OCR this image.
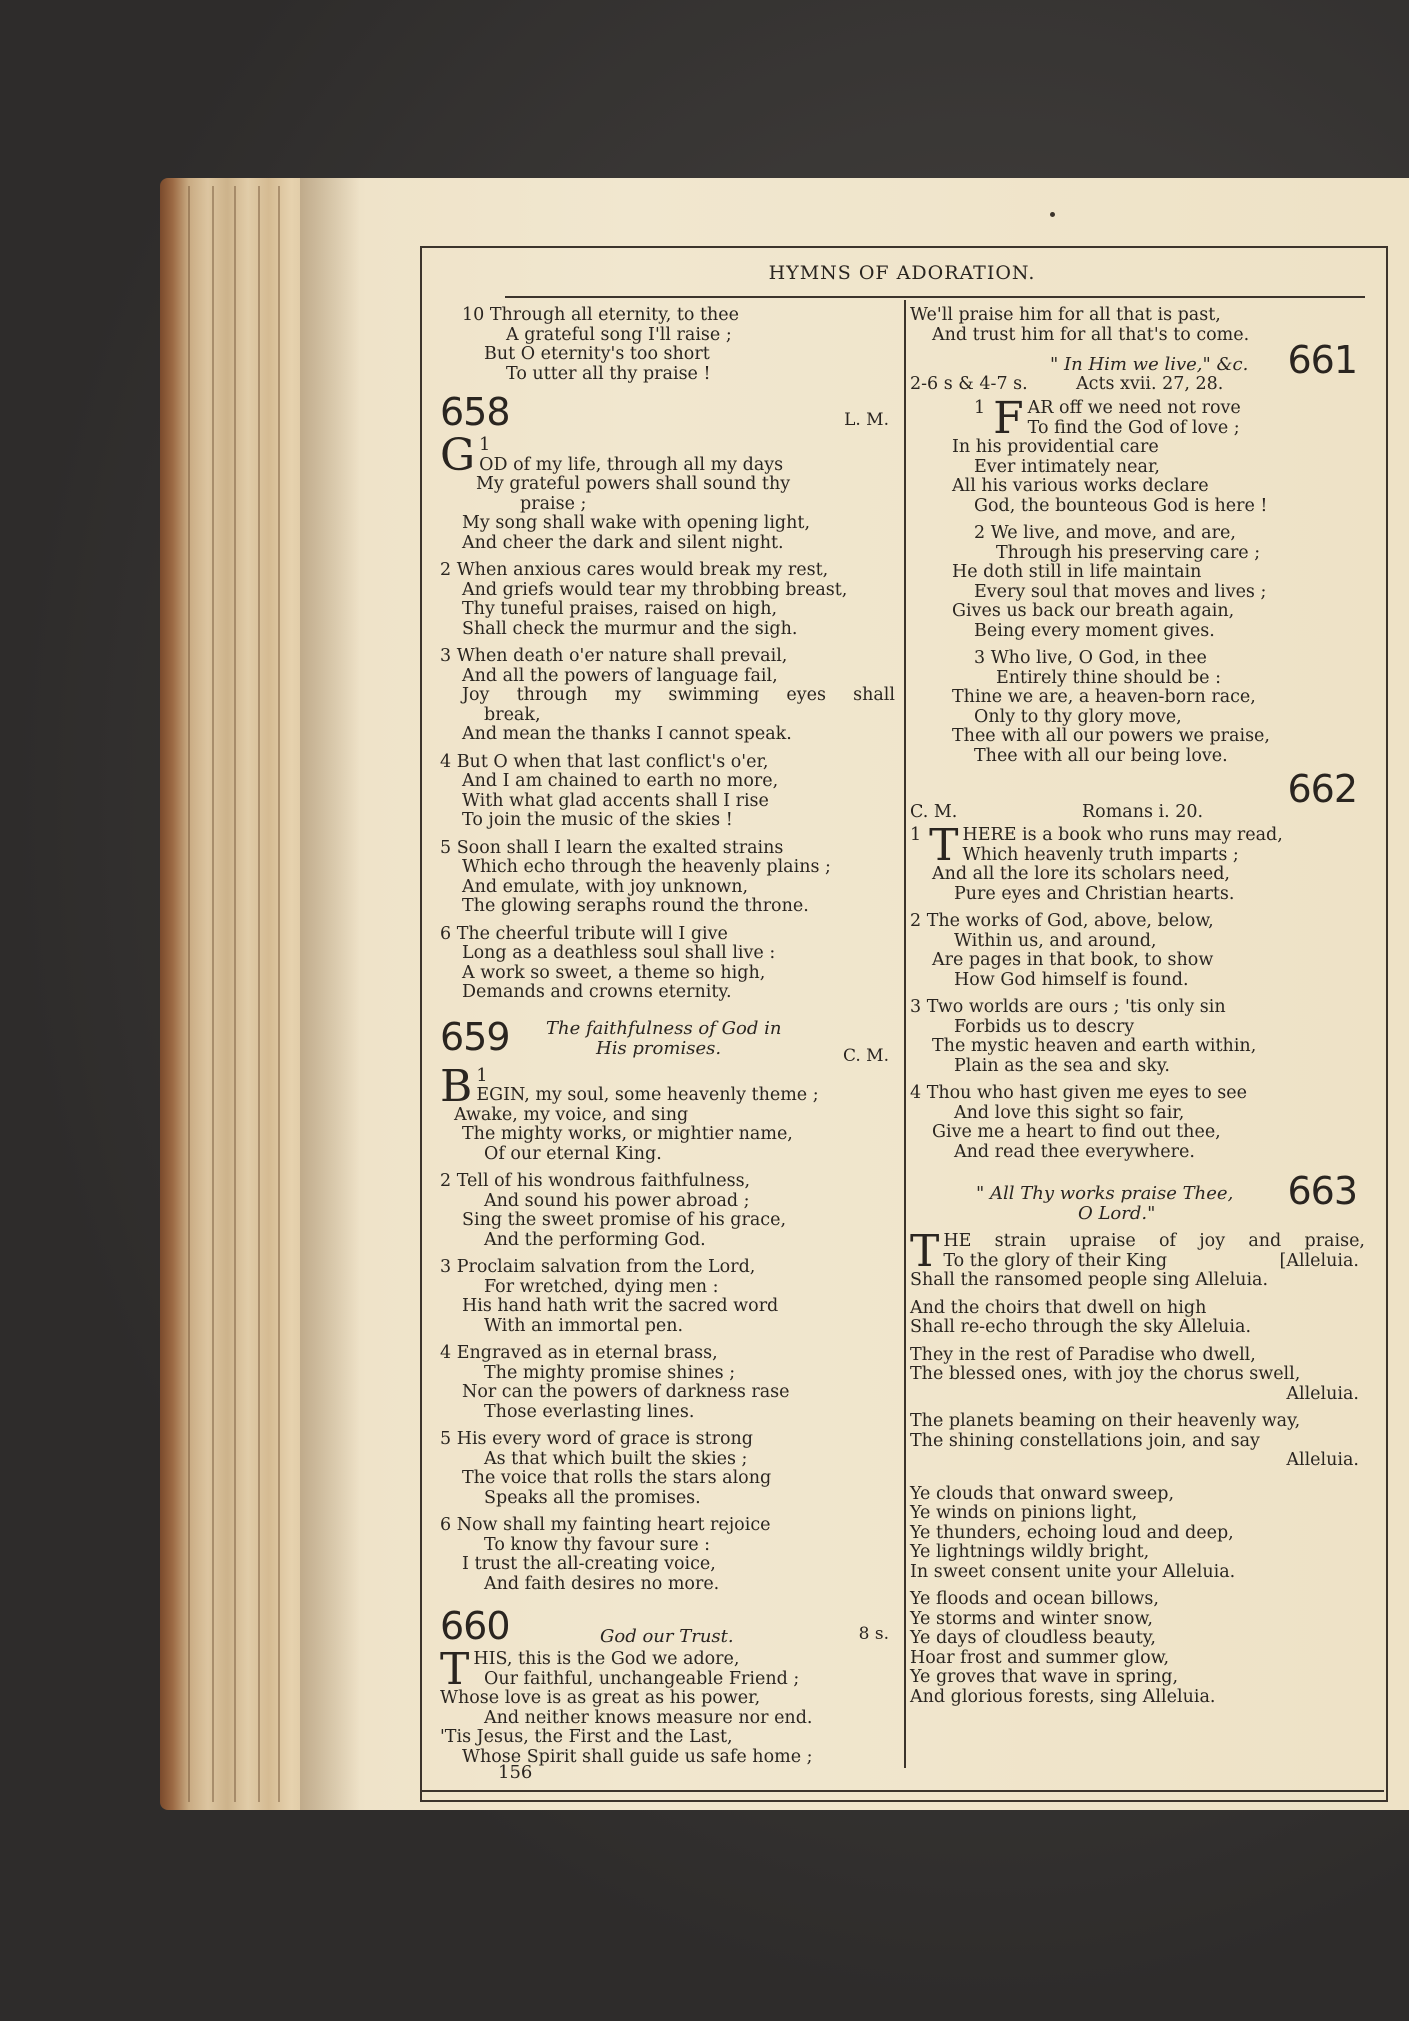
HYMNS OF ADORATION.
10 Through all eternity, to thee
A grateful song I'll raise ;
But O eternity's too short
To utter all thy praise !
658	L. M.
1
G OD of my life, through all my days
My grateful powers shall sound thy
praise ;
My song shall wake with opening light,
And cheer the dark and silent night.
2 When anxious cares would break my rest,
And griefs would tear my throbbing breast,
Thy tuneful praises, raised on high,
Shall check the murmur and the sigh.
3 When death o'er nature shall prevail,
And all the powers of language fail,
Joy through my swimming eyes shall
break,
And mean the thanks I cannot speak.
4 But O when that last conflict's o'er,
And I am chained to earth no more,
With what glad accents shall I rise
To join the music of the skies !
5 Soon shall I learn the exalted strains
Which echo through the heavenly plains ;
And emulate, with joy unknown,
The glowing seraphs round the throne.
6 The cheerful tribute will I give
Long as a deathless soul shall live :
A work so sweet, a theme so high,
Demands and crowns eternity.
659 The faithfulness of God in
His promises.	C. M.
1
B EGIN, my soul, some heavenly theme ;
Awake, my voice, and sing
The mighty works, or mightier name,
Of our eternal King.
2 Tell of his wondrous faithfulness,
And sound his power abroad ;
Sing the sweet promise of his grace,
And the performing God.
3 Proclaim salvation from the Lord,
For wretched, dying men :
His hand hath writ the sacred word
With an immortal pen.
4 Engraved as in eternal brass,
The mighty promise shines ;
Nor can the powers of darkness rase
Those everlasting lines.
5 His every word of grace is strong
As that which built the skies ;
The voice that rolls the stars along
Speaks all the promises.
6 Now shall my fainting heart rejoice
To know thy favour sure :
I trust the all-creating voice,
And faith desires no more.
660	God our Trust.	8 s.
T HIS, this is the God we adore,
Our faithful, unchangeable Friend ;
Whose love is as great as his power,
And neither knows measure nor end.
'Tis Jesus, the First and the Last,
Whose Spirit shall guide us safe home ;
156
We'll praise him for all that is past,
And trust him for all that's to come.
" In Him we live," &c.
2-6 s & 4-7 s.	Acts xvii. 27, 28.
661
1 F AR off we need not rove
To find the God of love ;
In his providential care
Ever intimately near,
All his various works declare
God, the bounteous God is here !
2 We live, and move, and are,
Through his preserving care ;
He doth still in life maintain
Every soul that moves and lives ;
Gives us back our breath again,
Being every moment gives.
3 Who live, O God, in thee
Entirely thine should be :
Thine we are, a heaven-born race,
Only to thy glory move,
Thee with all our powers we praise,
Thee with all our being love.
C. M.	Romans i. 20.
662
1 T HERE is a book who runs may read,
Which heavenly truth imparts ;
And all the lore its scholars need,
Pure eyes and Christian hearts.
2 The works of God, above, below,
Within us, and around,
Are pages in that book, to show
How God himself is found.
3 Two worlds are ours ; 'tis only sin
Forbids us to descry
The mystic heaven and earth within,
Plain as the sea and sky.
4 Thou who hast given me eyes to see
And love this sight so fair,
Give me a heart to find out thee,
And read thee everywhere.
" All Thy works praise Thee,
O Lord."
663
T HE strain upraise of joy and praise,
To the glory of their King	[Alleluia.
Shall the ransomed people sing Alleluia.
And the choirs that dwell on high
Shall re-echo through the sky Alleluia.
They in the rest of Paradise who dwell,
The blessed ones, with joy the chorus swell,
Alleluia.
The planets beaming on their heavenly way,
The shining constellations join, and say
Alleluia.
Ye clouds that onward sweep,
Ye winds on pinions light,
Ye thunders, echoing loud and deep,
Ye lightnings wildly bright,
In sweet consent unite your Alleluia.
Ye floods and ocean billows,
Ye storms and winter snow,
Ye days of cloudless beauty,
Hoar frost and summer glow,
Ye groves that wave in spring,
And glorious forests, sing Alleluia.
